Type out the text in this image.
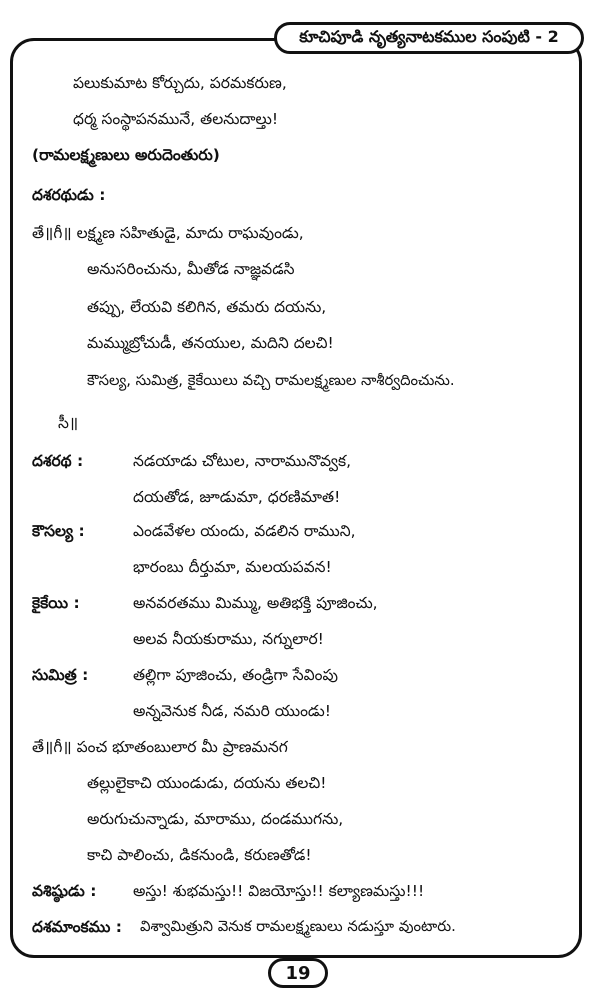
కూచిపూడి నృత్యనాటకముల సంపుటి - 2
పలుకుమాట కోర్చుదు, పరమకరుణ,
ధర్మ సంస్థాపనమునే, తలనుదాల్తు!
(రామలక్ష్మణులు అరుదెంతురు)
దశరథుడు :
తే॥గీ॥ లక్ష్మణ సహితుడై, మాదు రాఘవుండు,
అనుసరించును, మీతోడ నాజ్ఞవడసి
తప్పు, లేయవి కలిగిన, తమరు దయను,
మమ్ము‌బ్రోచుడీ, తనయుల, మదిని దలచి!
కౌసల్య, సుమిత్ర, కైకేయిలు వచ్చి రామలక్ష్మణుల నాశీర్వదించును.
సీ॥
దశరథ :	నడయాడు చోటుల, నారామునొవ్వక,
దయతోడ, జూడుమా, ధరణిమాత!
కౌసల్య :	ఎండవేళల యందు, వడలిన రాముని,
భారంబు దీర్తుమా, మలయపవన!
కైకేయి :	అనవరతము మిమ్ము, అతిభక్తి పూజించు,
అలవ నీయకురాము, నగ్నులార!
సుమిత్ర :	తల్లిగా పూజించు, తండ్రిగా సేవింపు
అన్నవెనుక నీడ, నమరి యుండు!
తే॥గీ॥ పంచ భూతంబులార మీ ప్రాణమనగ
తల్లులైకాచి యుండుడు, దయను తలచి!
అరుగుచున్నాడు, మారాము, దండముగను,
కాచి పాలించు, డికనుండి, కరుణతోడ!
వశిష్ఠుడు : అస్తు! శుభమస్తు!! విజయోస్తు!! కల్యాణమస్తు!!!
దశమాంకము : విశ్వామిత్రుని వెనుక రామలక్ష్మణులు నడుస్తూ వుంటారు.
19
